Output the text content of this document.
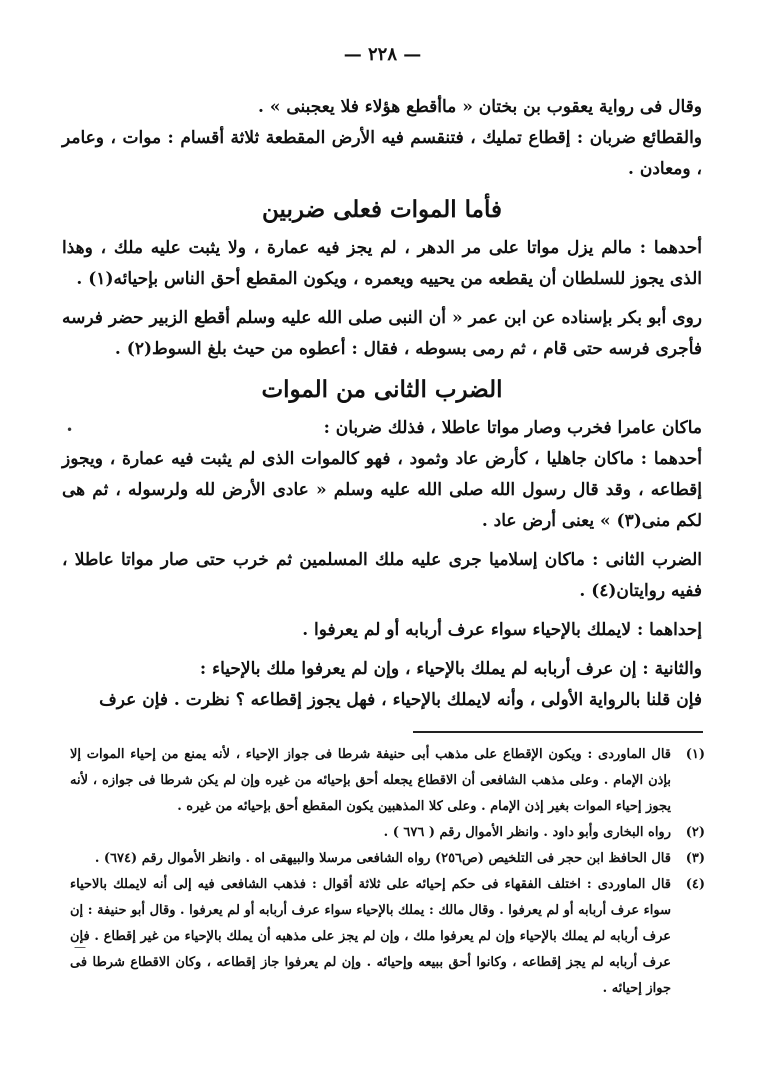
— ٢٢٨ —

وقال فى رواية يعقوب بن بختان « ماأقطع هؤلاء فلا يعجبنى » .

والقطائع ضربان : إقطاع تمليك ، فتنقسم فيه الأرض المقطعة ثلاثة أقسام : موات ، وعامر ، ومعادن .

فأما الموات فعلى ضربين

أحدهما : مالم يزل مواتا على مر الدهر ، لم يجز فيه عمارة ، ولا يثبت عليه ملك ، وهذا الذى يجوز للسلطان أن يقطعه من يحييه ويعمره ، ويكون المقطع أحق الناس بإحيائه(١) .

روى أبو بكر بإسناده عن ابن عمر « أن النبى صلى الله عليه وسلم أقطع الزبير حضر فرسه فأجرى فرسه حتى قام ، ثم رمى بسوطه ، فقال : أعطوه من حيث بلغ السوط(٢) .

الضرب الثانى من الموات

ماكان عامرا فخرب وصار مواتا عاطلا ، فذلك ضربان :

أحدهما : ماكان جاهليا ، كأرض عاد وثمود ، فهو كالموات الذى لم يثبت فيه عمارة ، ويجوز إقطاعه ، وقد قال رسول الله صلى الله عليه وسلم « عادى الأرض لله ولرسوله ، ثم هى لكم منى(٣) » يعنى أرض عاد .

الضرب الثانى : ماكان إسلاميا جرى عليه ملك المسلمين ثم خرب حتى صار مواتا عاطلا ، ففيه روايتان(٤) .

إحداهما : لايملك بالإحياء سواء عرف أربابه أو لم يعرفوا .

والثانية : إن عرف أربابه لم يملك بالإحياء ، وإن لم يعرفوا ملك بالإحياء :

فإن قلنا بالرواية الأولى ، وأنه لايملك بالإحياء ، فهل يجوز إقطاعه ؟ نظرت . فإن عرف

(١)
قال الماوردى : ويكون الإقطاع على مذهب أبى حنيفة شرطا فى جواز الإحياء ، لأنه يمنع من إحياء الموات إلا بإذن الإمام . وعلى مذهب الشافعى أن الاقطاع يجعله أحق بإحيائه من غيره وإن لم يكن شرطا فى جوازه ، لأنه يجوز إحياء الموات بغير إذن الإمام . وعلى كلا المذهبين يكون المقطع أحق بإحيائه من غيره .

(٢)
رواه البخارى وأبو داود . وانظر الأموال رقم ( ٦٧٦ ) .

(٣)
قال الحافظ ابن حجر فى التلخيص (ص٢٥٦) رواه الشافعى مرسلا والبيهقى اه . وانظر الأموال رقم (٦٧٤) .

(٤)
قال الماوردى : اختلف الفقهاء فى حكم إحيائه على ثلاثة أقوال : فذهب الشافعى فيه إلى أنه لايملك بالاحياء سواء عرف أربابه أو لم يعرفوا . وقال مالك : يملك بالإحياء سواء عرف أربابه أو لم يعرفوا . وقال أبو حنيفة : إن عرف أربابه لم يملك بالإحياء وإن لم يعرفوا ملك ، وإن لم يجز على مذهبه أن يملك بالإحياء من غير إقطاع . فإن عرف أربابه لم يجز إقطاعه ، وكانوا أحق ببيعه وإحيائه . وإن لم يعرفوا جاز إقطاعه ، وكان الاقطاع شرطا فى جواز إحيائه .

•
—
